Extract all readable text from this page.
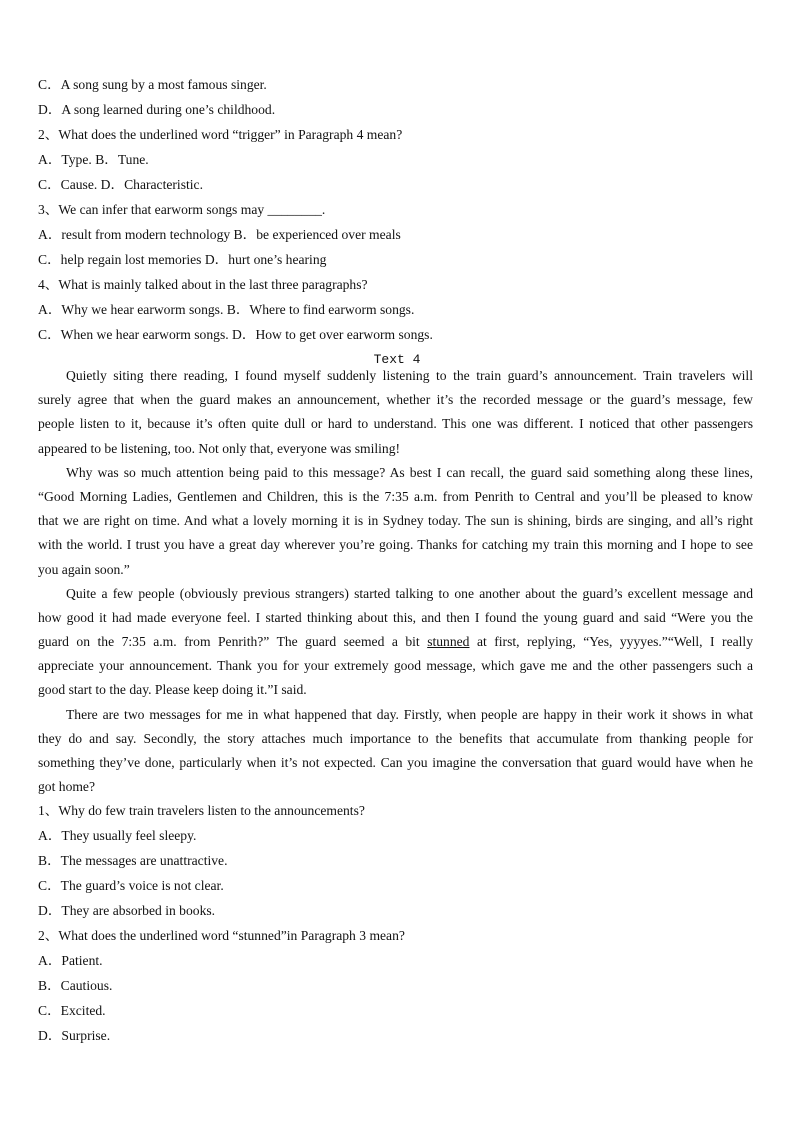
C．A song sung by a most famous singer.
D．A song learned during one’s childhood.
2、What does the underlined word “trigger” in Paragraph 4 mean?
A．Type. B．Tune.
C．Cause. D．Characteristic.
3、We can infer that earworm songs may ________.
A．result from modern technology B．be experienced over meals
C．help regain lost memories D．hurt one’s hearing
4、What is mainly talked about in the last three paragraphs?
A．Why we hear earworm songs. B．Where to find earworm songs.
C．When we hear earworm songs. D．How to get over earworm songs.
Text 4
Quietly siting there reading, I found myself suddenly listening to the train guard’s announcement. Train travelers will
surely agree that when the guard makes an announcement, whether it’s the recorded message or the guard’s message, few
people listen to it, because it’s often quite dull or hard to understand. This one was different. I noticed that other passengers
appeared to be listening, too. Not only that, everyone was smiling!
Why was so much attention being paid to this message? As best I can recall, the guard said something along these lines,
“Good Morning Ladies, Gentlemen and Children, this is the 7:35 a.m. from Penrith to Central and you’ll be pleased to know
that we are right on time. And what a lovely morning it is in Sydney today. The sun is shining, birds are singing, and all’s right
with the world. I trust you have a great day wherever you’re going. Thanks for catching my train this morning and I hope to see
you again soon.”
Quite a few people (obviously previous strangers) started talking to one another about the guard’s excellent message and
how good it had made everyone feel. I started thinking about this, and then I found the young guard and said “Were you the
guard on the 7:35 a.m. from Penrith?” The guard seemed a bit stunned at first, replying, “Yes, yyyyes.”“Well, I really
appreciate your announcement. Thank you for your extremely good message, which gave me and the other passengers such a
good start to the day. Please keep doing it.”I said.
There are two messages for me in what happened that day. Firstly, when people are happy in their work it shows in what
they do and say. Secondly, the story attaches much importance to the benefits that accumulate from thanking people for
something they’ve done, particularly when it’s not expected. Can you imagine the conversation that guard would have when he
got home?
1、Why do few train travelers listen to the announcements?
A．They usually feel sleepy.
B．The messages are unattractive.
C．The guard’s voice is not clear.
D．They are absorbed in books.
2、What does the underlined word “stunned”in Paragraph 3 mean?
A．Patient.
B．Cautious.
C．Excited.
D．Surprise.
